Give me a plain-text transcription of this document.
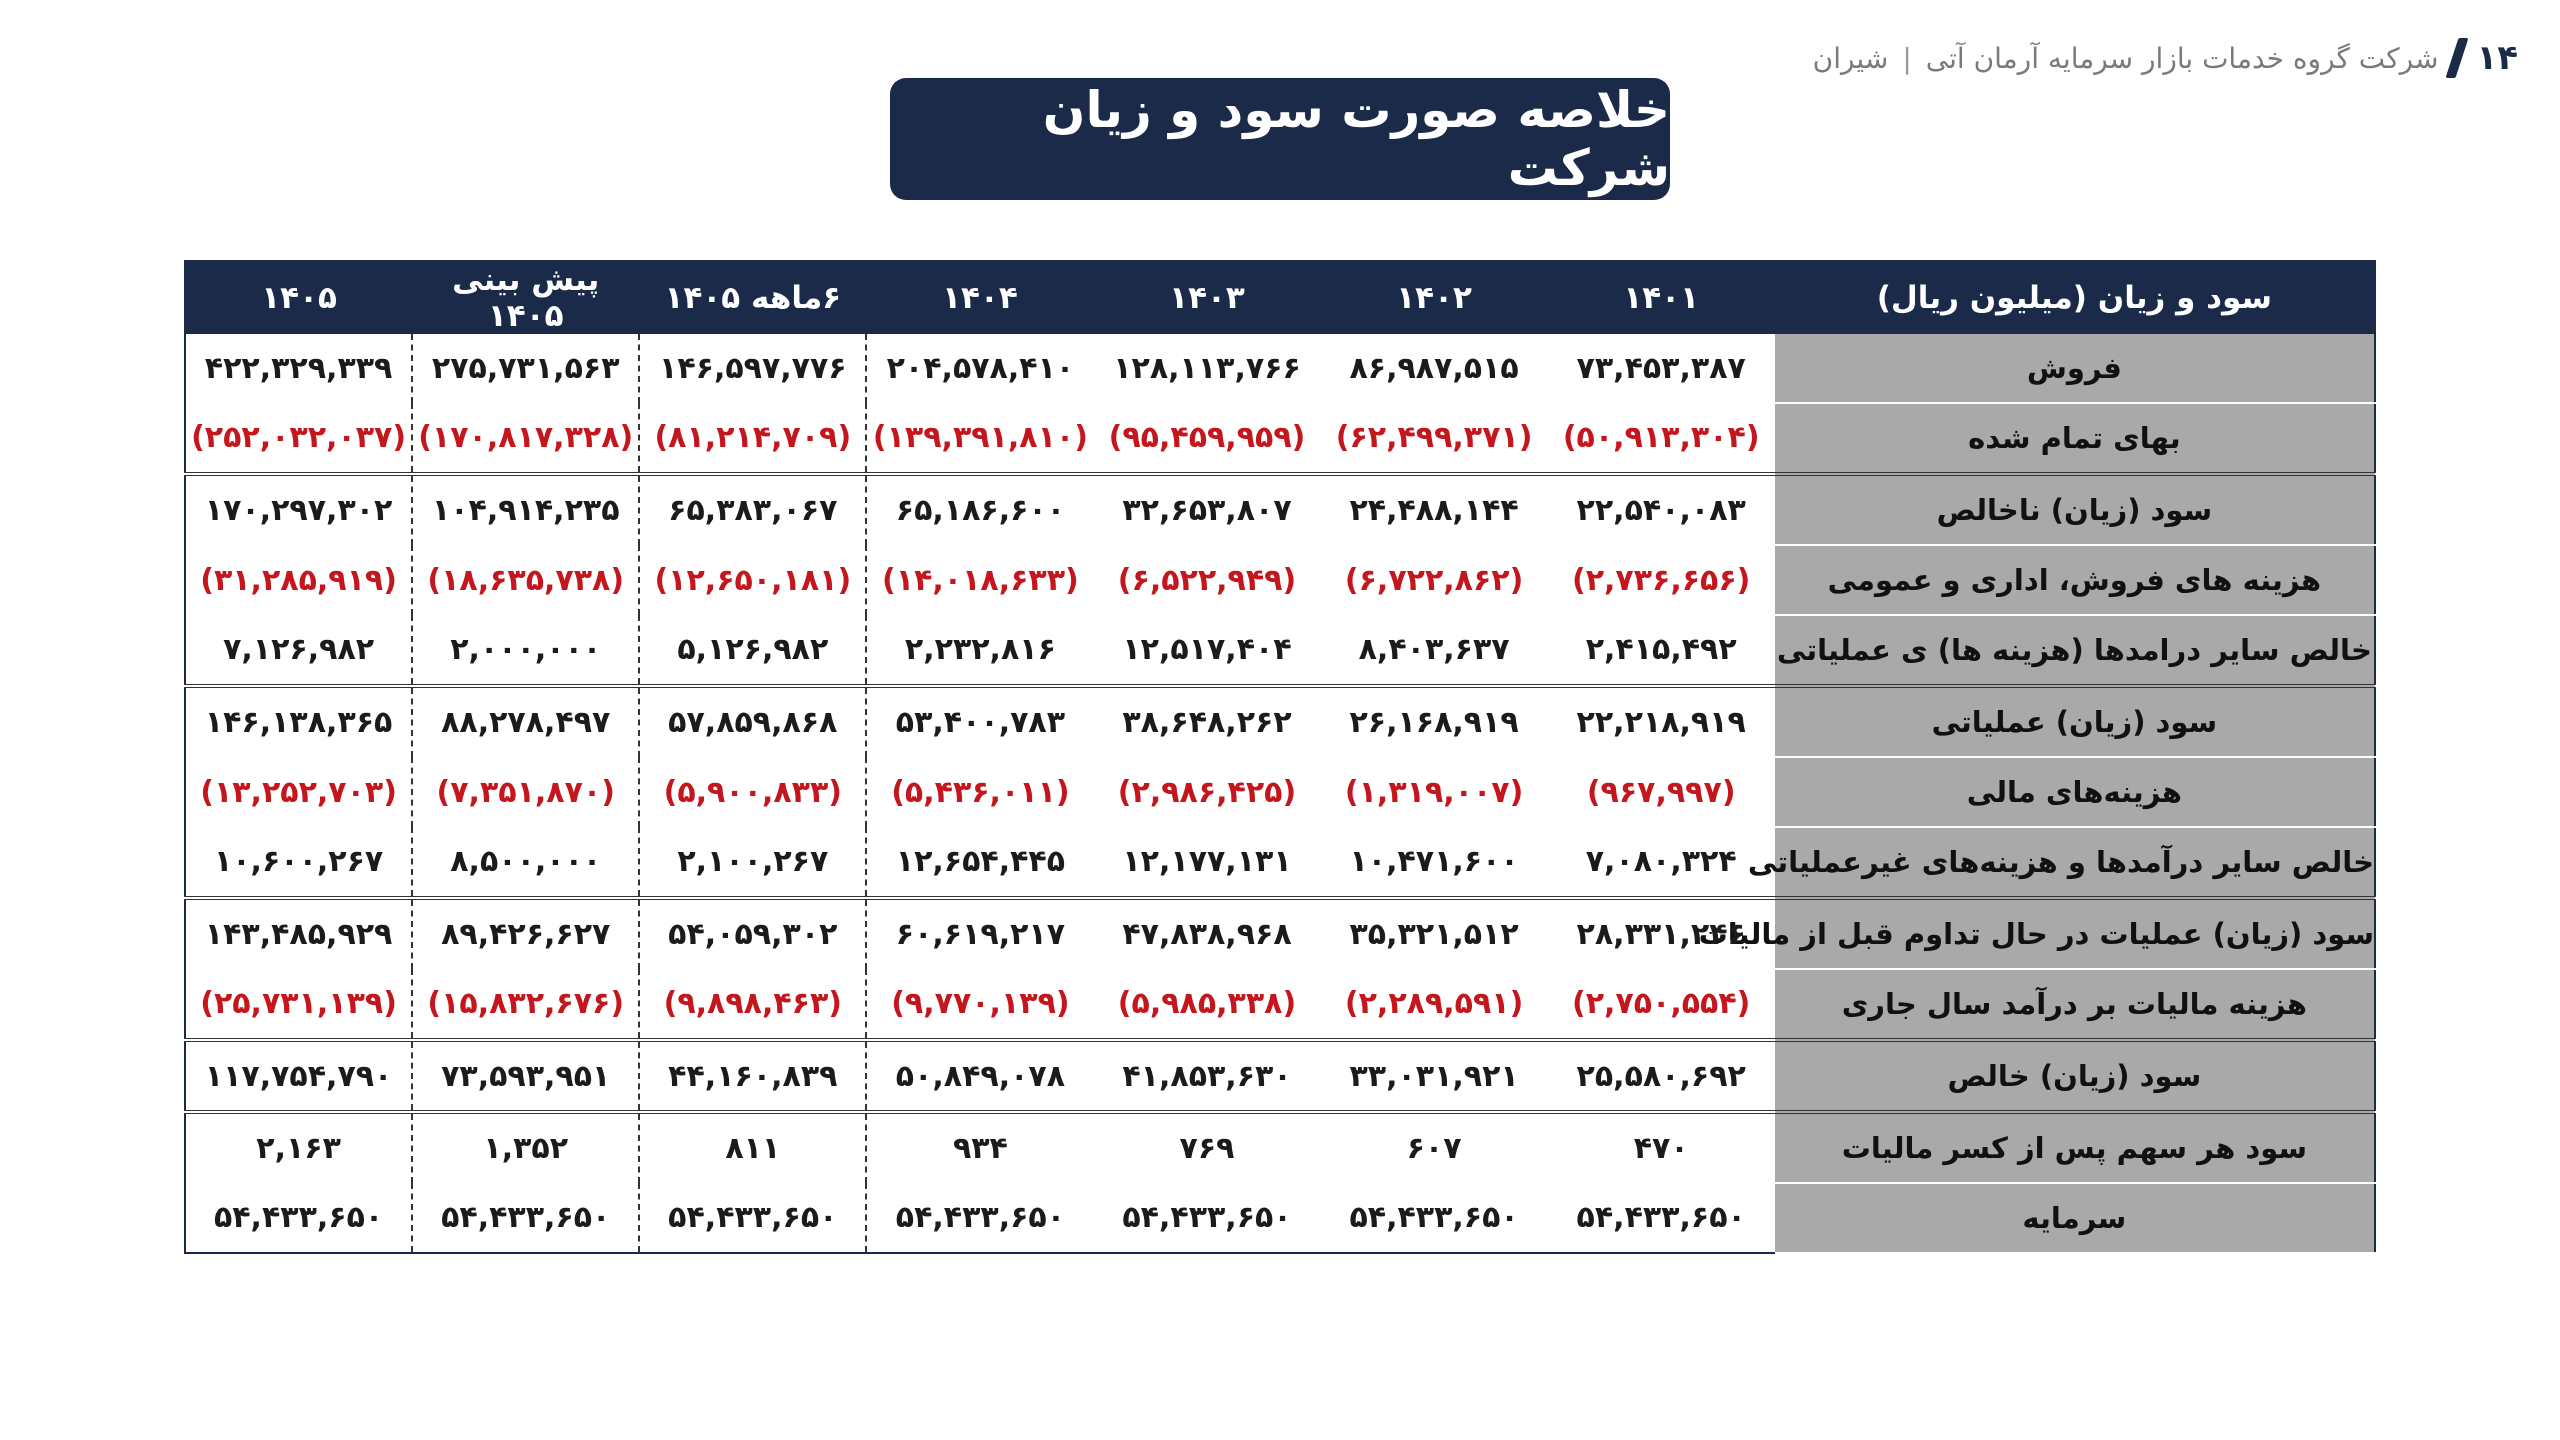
۱۴
شرکت گروه خدمات بازار سرمایه آرمان آتی
|
شیران
خلاصه صورت سود و زیان شرکت
سود و زیان (میلیون ریال)	۱۴۰۱	۱۴۰۲	۱۴۰۳	۱۴۰۴	۶ماهه ۱۴۰۵	پیش بینی ۱۴۰۵	۱۴۰۵
فروش	۷۳,۴۵۳,۳۸۷	۸۶,۹۸۷,۵۱۵	۱۲۸,۱۱۳,۷۶۶	۲۰۴,۵۷۸,۴۱۰	۱۴۶,۵۹۷,۷۷۶	۲۷۵,۷۳۱,۵۶۳	۴۲۲,۳۲۹,۳۳۹
بهای تمام شده	(۵۰,۹۱۳,۳۰۴)	(۶۲,۴۹۹,۳۷۱)	(۹۵,۴۵۹,۹۵۹)	(۱۳۹,۳۹۱,۸۱۰)	(۸۱,۲۱۴,۷۰۹)	(۱۷۰,۸۱۷,۳۲۸)	(۲۵۲,۰۳۲,۰۳۷)
سود (زیان) ناخالص	۲۲,۵۴۰,۰۸۳	۲۴,۴۸۸,۱۴۴	۳۲,۶۵۳,۸۰۷	۶۵,۱۸۶,۶۰۰	۶۵,۳۸۳,۰۶۷	۱۰۴,۹۱۴,۲۳۵	۱۷۰,۲۹۷,۳۰۲
هزینه های فروش، اداری و عمومی	(۲,۷۳۶,۶۵۶)	(۶,۷۲۲,۸۶۲)	(۶,۵۲۲,۹۴۹)	(۱۴,۰۱۸,۶۳۳)	(۱۲,۶۵۰,۱۸۱)	(۱۸,۶۳۵,۷۳۸)	(۳۱,۲۸۵,۹۱۹)
خالص سایر درامدها (هزینه ها) ی عملیاتی	۲,۴۱۵,۴۹۲	۸,۴۰۳,۶۳۷	۱۲,۵۱۷,۴۰۴	۲,۲۳۲,۸۱۶	۵,۱۲۶,۹۸۲	۲,۰۰۰,۰۰۰	۷,۱۲۶,۹۸۲
سود (زیان) عملیاتی	۲۲,۲۱۸,۹۱۹	۲۶,۱۶۸,۹۱۹	۳۸,۶۴۸,۲۶۲	۵۳,۴۰۰,۷۸۳	۵۷,۸۵۹,۸۶۸	۸۸,۲۷۸,۴۹۷	۱۴۶,۱۳۸,۳۶۵
هزینه‌های مالی	(۹۶۷,۹۹۷)	(۱,۳۱۹,۰۰۷)	(۲,۹۸۶,۴۲۵)	(۵,۴۳۶,۰۱۱)	(۵,۹۰۰,۸۳۳)	(۷,۳۵۱,۸۷۰)	(۱۳,۲۵۲,۷۰۳)
خالص سایر درآمدها و هزینه‌های غیرعملیاتی	۷,۰۸۰,۳۲۴	۱۰,۴۷۱,۶۰۰	۱۲,۱۷۷,۱۳۱	۱۲,۶۵۴,۴۴۵	۲,۱۰۰,۲۶۷	۸,۵۰۰,۰۰۰	۱۰,۶۰۰,۲۶۷
سود (زیان) عملیات در حال تداوم قبل از مالیات	۲۸,۳۳۱,۲۴۶	۳۵,۳۲۱,۵۱۲	۴۷,۸۳۸,۹۶۸	۶۰,۶۱۹,۲۱۷	۵۴,۰۵۹,۳۰۲	۸۹,۴۲۶,۶۲۷	۱۴۳,۴۸۵,۹۲۹
هزینه مالیات بر درآمد سال جاری	(۲,۷۵۰,۵۵۴)	(۲,۲۸۹,۵۹۱)	(۵,۹۸۵,۳۳۸)	(۹,۷۷۰,۱۳۹)	(۹,۸۹۸,۴۶۳)	(۱۵,۸۳۲,۶۷۶)	(۲۵,۷۳۱,۱۳۹)
سود (زیان) خالص	۲۵,۵۸۰,۶۹۲	۳۳,۰۳۱,۹۲۱	۴۱,۸۵۳,۶۳۰	۵۰,۸۴۹,۰۷۸	۴۴,۱۶۰,۸۳۹	۷۳,۵۹۳,۹۵۱	۱۱۷,۷۵۴,۷۹۰
سود هر سهم پس از کسر مالیات	۴۷۰	۶۰۷	۷۶۹	۹۳۴	۸۱۱	۱,۳۵۲	۲,۱۶۳
سرمایه	۵۴,۴۳۳,۶۵۰	۵۴,۴۳۳,۶۵۰	۵۴,۴۳۳,۶۵۰	۵۴,۴۳۳,۶۵۰	۵۴,۴۳۳,۶۵۰	۵۴,۴۳۳,۶۵۰	۵۴,۴۳۳,۶۵۰
